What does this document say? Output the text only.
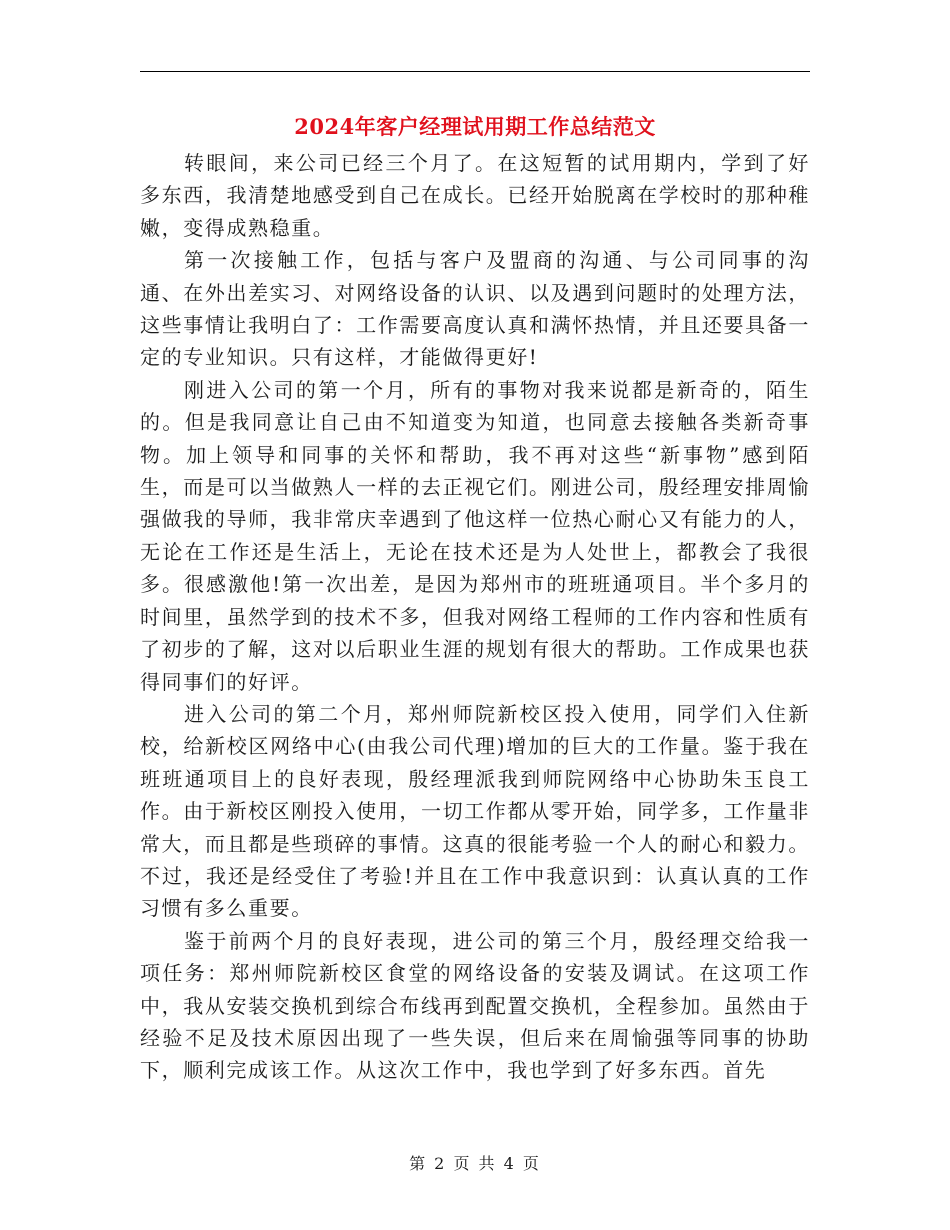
2024年客户经理试用期工作总结范文

转眼间，来公司已经三个月了。在这短暂的试用期内，学到了好多东西，我清楚地感受到自己在成长。已经开始脱离在学校时的那种稚嫩，变得成熟稳重。

第一次接触工作，包括与客户及盟商的沟通、与公司同事的沟通、在外出差实习、对网络设备的认识、以及遇到问题时的处理方法，这些事情让我明白了：工作需要高度认真和满怀热情，并且还要具备一定的专业知识。只有这样，才能做得更好!

刚进入公司的第一个月，所有的事物对我来说都是新奇的，陌生的。但是我同意让自己由不知道变为知道，也同意去接触各类新奇事物。加上领导和同事的关怀和帮助，我不再对这些“新事物”感到陌生，而是可以当做熟人一样的去正视它们。刚进公司，殷经理安排周愉强做我的导师，我非常庆幸遇到了他这样一位热心耐心又有能力的人，无论在工作还是生活上，无论在技术还是为人处世上，都教会了我很多。很感激他!第一次出差，是因为郑州市的班班通项目。半个多月的时间里，虽然学到的技术不多，但我对网络工程师的工作内容和性质有了初步的了解，这对以后职业生涯的规划有很大的帮助。工作成果也获得同事们的好评。

进入公司的第二个月，郑州师院新校区投入使用，同学们入住新校，给新校区网络中心(由我公司代理)增加的巨大的工作量。鉴于我在班班通项目上的良好表现，殷经理派我到师院网络中心协助朱玉良工作。由于新校区刚投入使用，一切工作都从零开始，同学多，工作量非常大，而且都是些琐碎的事情。这真的很能考验一个人的耐心和毅力。不过，我还是经受住了考验!并且在工作中我意识到：认真认真的工作习惯有多么重要。

鉴于前两个月的良好表现，进公司的第三个月，殷经理交给我一项任务：郑州师院新校区食堂的网络设备的安装及调试。在这项工作中，我从安装交换机到综合布线再到配置交换机，全程参加。虽然由于经验不足及技术原因出现了一些失误，但后来在周愉强等同事的协助下，顺利完成该工作。从这次工作中，我也学到了好多东西。首先

第 2 页 共 4 页
